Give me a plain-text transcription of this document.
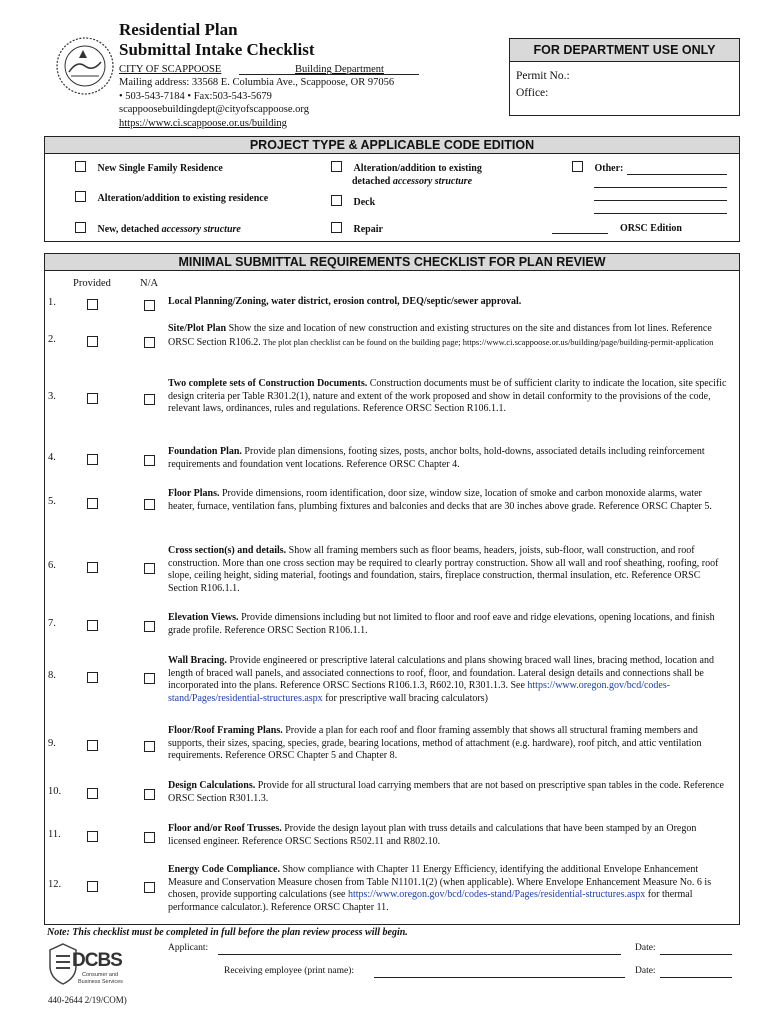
Residential Plan
Submittal Intake Checklist
CITY OF SCAPPOOSE	Building Department
Mailing address: 33568 E. Columbia Ave., Scappoose, OR 97056
• 503-543-7184 • Fax:503-543-5679
scappoosebuildingdept@cityofscappoose.org
https://www.ci.scappoose.or.us/building
FOR DEPARTMENT USE ONLY
Permit No.:
Office:
PROJECT TYPE & APPLICABLE CODE EDITION
New Single Family Residence
Alteration/addition to existing residence
New, detached accessory structure
Alteration/addition to existing
detached accessory structure
Deck
Repair
Other:
ORSC Edition
MINIMAL SUBMITTAL REQUIREMENTS CHECKLIST FOR PLAN REVIEW
Provided	N/A
1.	Local Planning/Zoning, water district, erosion control, DEQ/septic/sewer approval.
2.
Site/Plot Plan Show the size and location of new construction and existing structures on the site and distances from lot lines. Reference ORSC Section R106.2. The plot plan checklist can be found on the building page; https://www.ci.scappoose.or.us/building/page/building-permit-application
3.
Two complete sets of Construction Documents. Construction documents must be of sufficient clarity to indicate the location, site specific design criteria per Table R301.2(1), nature and extent of the work proposed and show in detail conformity to the provisions of the code, relevant laws, ordinances, rules and regulations. Reference ORSC Section R106.1.1.
4.
Foundation Plan. Provide plan dimensions, footing sizes, posts, anchor bolts, hold-downs, associated details including reinforcement requirements and foundation vent locations. Reference ORSC Chapter 4.
5.
Floor Plans. Provide dimensions, room identification, door size, window size, location of smoke and carbon monoxide alarms, water heater, furnace, ventilation fans, plumbing fixtures and balconies and decks that are 30 inches above grade. Reference ORSC Chapter 5.
6.
Cross section(s) and details. Show all framing members such as floor beams, headers, joists, sub-floor, wall construction, and roof construction. More than one cross section may be required to clearly portray construction. Show all wall and roof sheathing, roofing, roof slope, ceiling height, siding material, footings and foundation, stairs, fireplace construction, thermal insulation, etc. Reference ORSC Section R106.1.1.
7.
Elevation Views. Provide dimensions including but not limited to floor and roof eave and ridge elevations, opening locations, and finish grade profile. Reference ORSC Section R106.1.1.
8.
Wall Bracing. Provide engineered or prescriptive lateral calculations and plans showing braced wall lines, bracing method, location and length of braced wall panels, and associated connections to roof, floor, and foundation. Lateral design details and connections shall be incorporated into the plans. Reference ORSC Sections R106.1.3, R602.10, R301.1.3. See https://www.oregon.gov/bcd/codes-stand/Pages/residential-structures.aspx for prescriptive wall bracing calculators)
9.
Floor/Roof Framing Plans. Provide a plan for each roof and floor framing assembly that shows all structural framing members and supports, their sizes, spacing, species, grade, bearing locations, method of attachment (e.g. hardware), roof pitch, and attic ventilation requirements. Reference ORSC Chapter 5 and Chapter 8.
10.
Design Calculations. Provide for all structural load carrying members that are not based on prescriptive span tables in the code. Reference ORSC Section R301.1.3.
11.
Floor and/or Roof Trusses. Provide the design layout plan with truss details and calculations that have been stamped by an Oregon licensed engineer. Reference ORSC Sections R502.11 and R802.10.
12.
Energy Code Compliance. Show compliance with Chapter 11 Energy Efficiency, identifying the additional Envelope Enhancement Measure and Conservation Measure chosen from Table N1101.1(2) (when applicable). Where Envelope Enhancement Measure No. 6 is chosen, provide supporting calculations (see https://www.oregon.gov/bcd/codes-stand/Pages/residential-structures.aspx for thermal performance calculator.). Reference ORSC Chapter 11.
Note: This checklist must be completed in full before the plan review process will begin.
Applicant:	Date:
Receiving employee (print name):	Date:
DCBS
Consumer and
Business Services
440-2644 2/19/COM)
